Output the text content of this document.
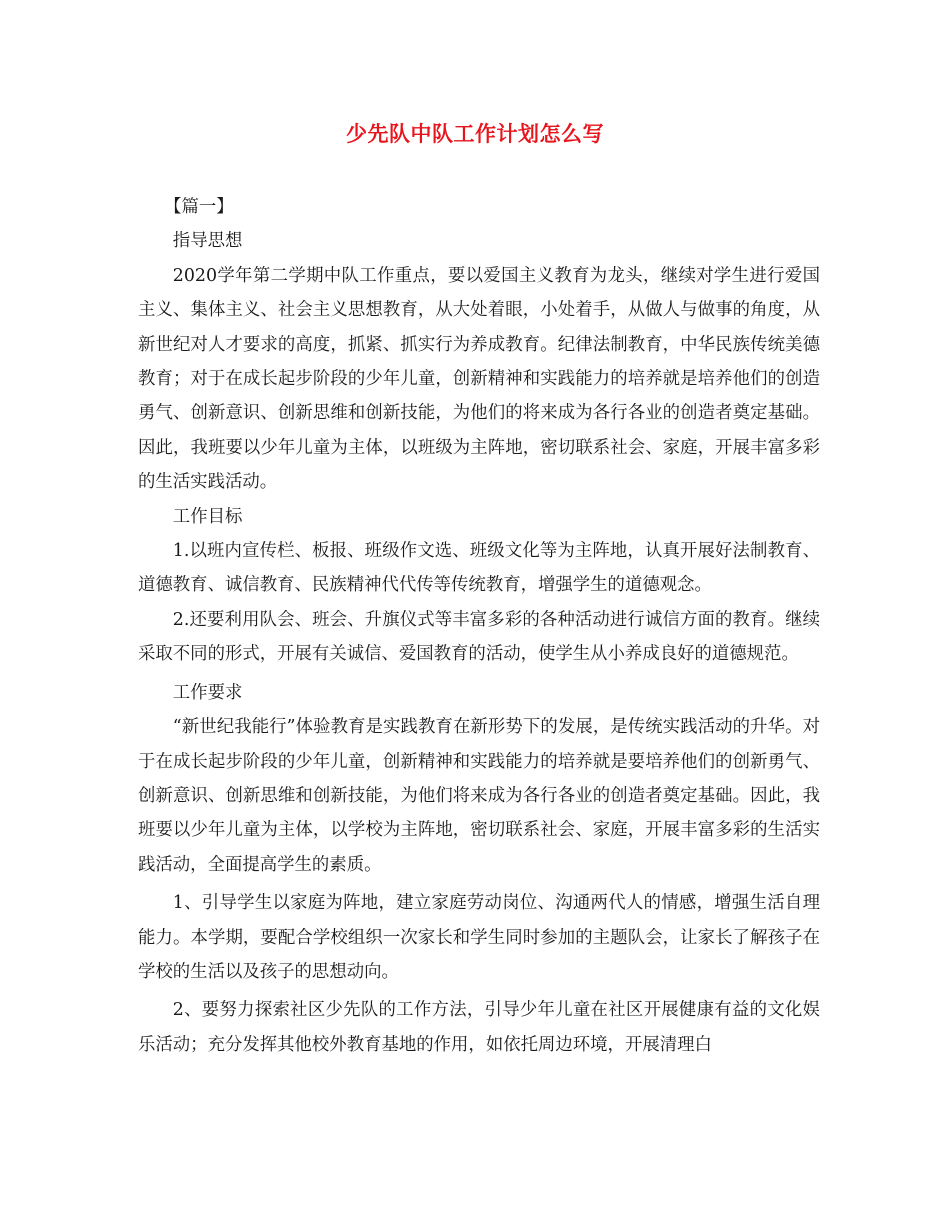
少先队中队工作计划怎么写

【篇一】

指导思想

2020学年第二学期中队工作重点，要以爱国主义教育为龙头，继续对学生进行爱国主义、集体主义、社会主义思想教育，从大处着眼，小处着手，从做人与做事的角度，从新世纪对人才要求的高度，抓紧、抓实行为养成教育。纪律法制教育，中华民族传统美德教育；对于在成长起步阶段的少年儿童，创新精神和实践能力的培养就是培养他们的创造勇气、创新意识、创新思维和创新技能，为他们的将来成为各行各业的创造者奠定基础。因此，我班要以少年儿童为主体，以班级为主阵地，密切联系社会、家庭，开展丰富多彩的生活实践活动。

工作目标

1.以班内宣传栏、板报、班级作文选、班级文化等为主阵地，认真开展好法制教育、道德教育、诚信教育、民族精神代代传等传统教育，增强学生的道德观念。

2.还要利用队会、班会、升旗仪式等丰富多彩的各种活动进行诚信方面的教育。继续采取不同的形式，开展有关诚信、爱国教育的活动，使学生从小养成良好的道德规范。

工作要求

“新世纪我能行”体验教育是实践教育在新形势下的发展，是传统实践活动的升华。对于在成长起步阶段的少年儿童，创新精神和实践能力的培养就是要培养他们的创新勇气、创新意识、创新思维和创新技能，为他们将来成为各行各业的创造者奠定基础。因此，我班要以少年儿童为主体，以学校为主阵地，密切联系社会、家庭，开展丰富多彩的生活实践活动，全面提高学生的素质。

1、引导学生以家庭为阵地，建立家庭劳动岗位、沟通两代人的情感，增强生活自理能力。本学期，要配合学校组织一次家长和学生同时参加的主题队会，让家长了解孩子在学校的生活以及孩子的思想动向。

2、要努力探索社区少先队的工作方法，引导少年儿童在社区开展健康有益的文化娱乐活动；充分发挥其他校外教育基地的作用，如依托周边环境，开展清理白
